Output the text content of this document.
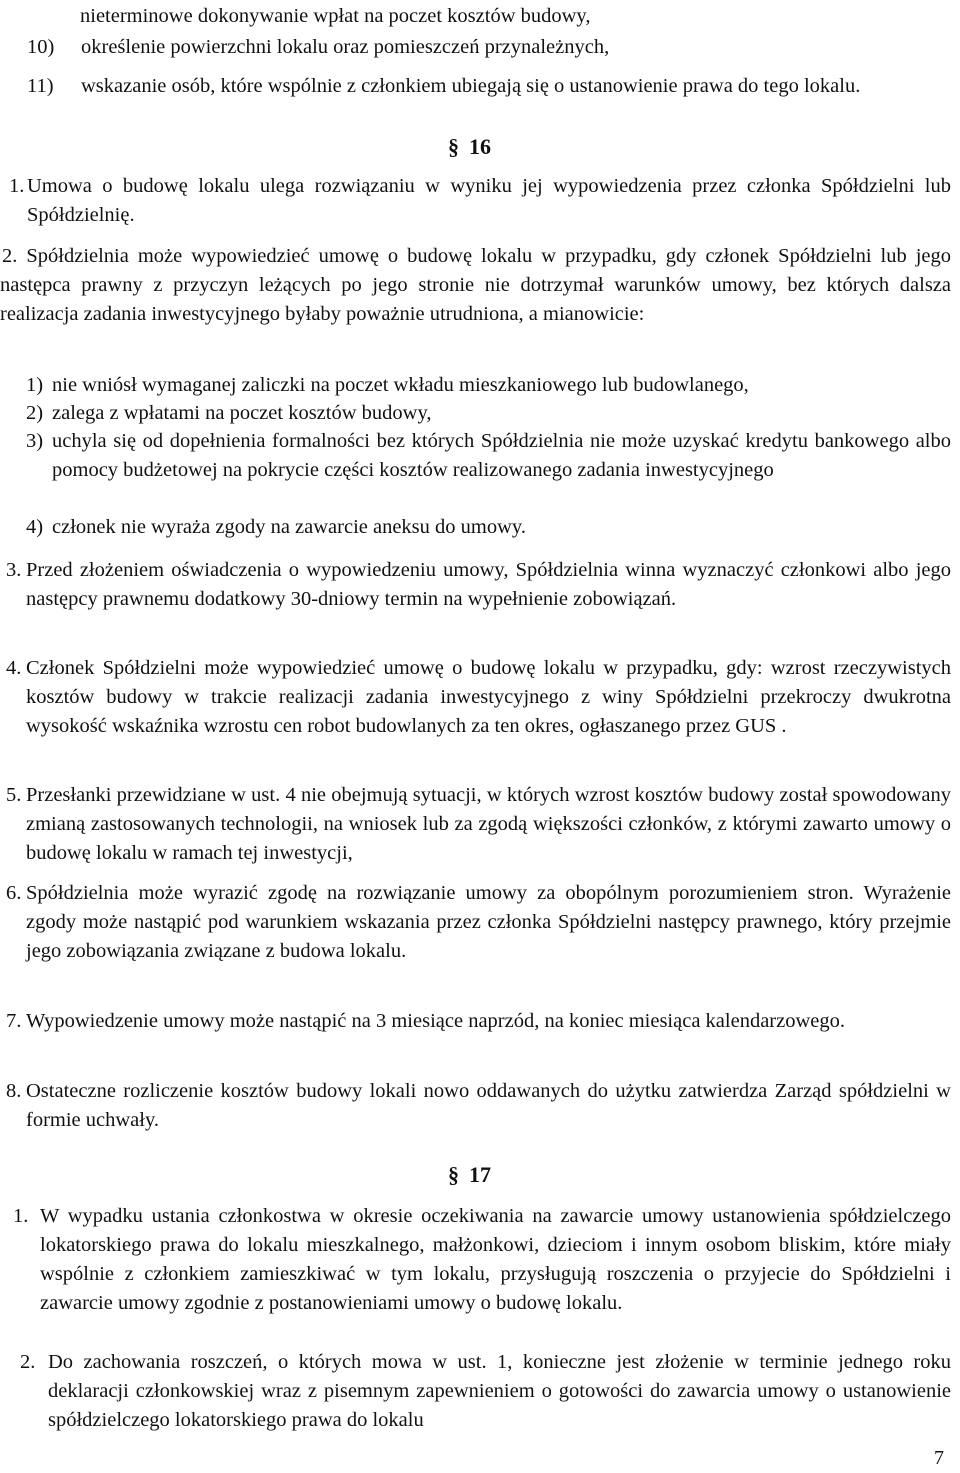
nieterminowe dokonywanie wpłat na poczet kosztów budowy,
10)	określenie powierzchni lokalu oraz pomieszczeń przynależnych,
11)	wskazanie osób, które wspólnie z członkiem ubiegają się o ustanowienie prawa do tego lokalu.
§ 16
1. Umowa o budowę lokalu ulega rozwiązaniu w wyniku jej wypowiedzenia przez członka Spółdzielni lub Spółdzielnię.
2. Spółdzielnia może wypowiedzieć umowę o budowę lokalu w przypadku, gdy członek Spółdzielni lub jego następca prawny z przyczyn leżących po jego stronie nie dotrzymał warunków umowy, bez których dalsza realizacja zadania inwestycyjnego byłaby poważnie utrudniona, a mianowicie:
1) nie wniósł wymaganej zaliczki na poczet wkładu mieszkaniowego lub budowlanego,
2) zalega z wpłatami na poczet kosztów budowy,
3) uchyla się od dopełnienia formalności bez których Spółdzielnia nie może uzyskać kredytu bankowego albo pomocy budżetowej na pokrycie części kosztów realizowanego zadania inwestycyjnego
4) członek nie wyraża zgody na zawarcie aneksu do umowy.
3. Przed złożeniem oświadczenia o wypowiedzeniu umowy, Spółdzielnia winna wyznaczyć członkowi albo jego następcy prawnemu dodatkowy 30-dniowy termin na wypełnienie zobowiązań.
4. Członek Spółdzielni może wypowiedzieć umowę o budowę lokalu w przypadku, gdy: wzrost rzeczywistych kosztów budowy w trakcie realizacji zadania inwestycyjnego z winy Spółdzielni przekroczy dwukrotna wysokość wskaźnika wzrostu cen robot budowlanych za ten okres, ogłaszanego przez GUS .
5. Przesłanki przewidziane w ust. 4 nie obejmują sytuacji, w których wzrost kosztów budowy został spowodowany zmianą zastosowanych technologii, na wniosek lub za zgodą większości członków, z którymi zawarto umowy o budowę lokalu w ramach tej inwestycji,
6. Spółdzielnia może wyrazić zgodę na rozwiązanie umowy za obopólnym porozumieniem stron. Wyrażenie zgody może nastąpić pod warunkiem wskazania przez członka Spółdzielni następcy prawnego, który przejmie jego zobowiązania związane z budowa lokalu.
7. Wypowiedzenie umowy może nastąpić na 3 miesiące naprzód, na koniec miesiąca kalendarzowego.
8. Ostateczne rozliczenie kosztów budowy lokali nowo oddawanych do użytku zatwierdza Zarząd spółdzielni w formie uchwały.
§ 17
1. W wypadku ustania członkostwa w okresie oczekiwania na zawarcie umowy ustanowienia spółdzielczego lokatorskiego prawa do lokalu mieszkalnego, małżonkowi, dzieciom i innym osobom bliskim, które miały wspólnie z członkiem zamieszkiwać w tym lokalu, przysługują roszczenia o przyjecie do Spółdzielni i zawarcie umowy zgodnie z postanowieniami umowy o budowę lokalu.
2. Do zachowania roszczeń, o których mowa w ust. 1, konieczne jest złożenie w terminie jednego roku deklaracji członkowskiej wraz z pisemnym zapewnieniem o gotowości do zawarcia umowy o ustanowienie spółdzielczego lokatorskiego prawa do lokalu
7
